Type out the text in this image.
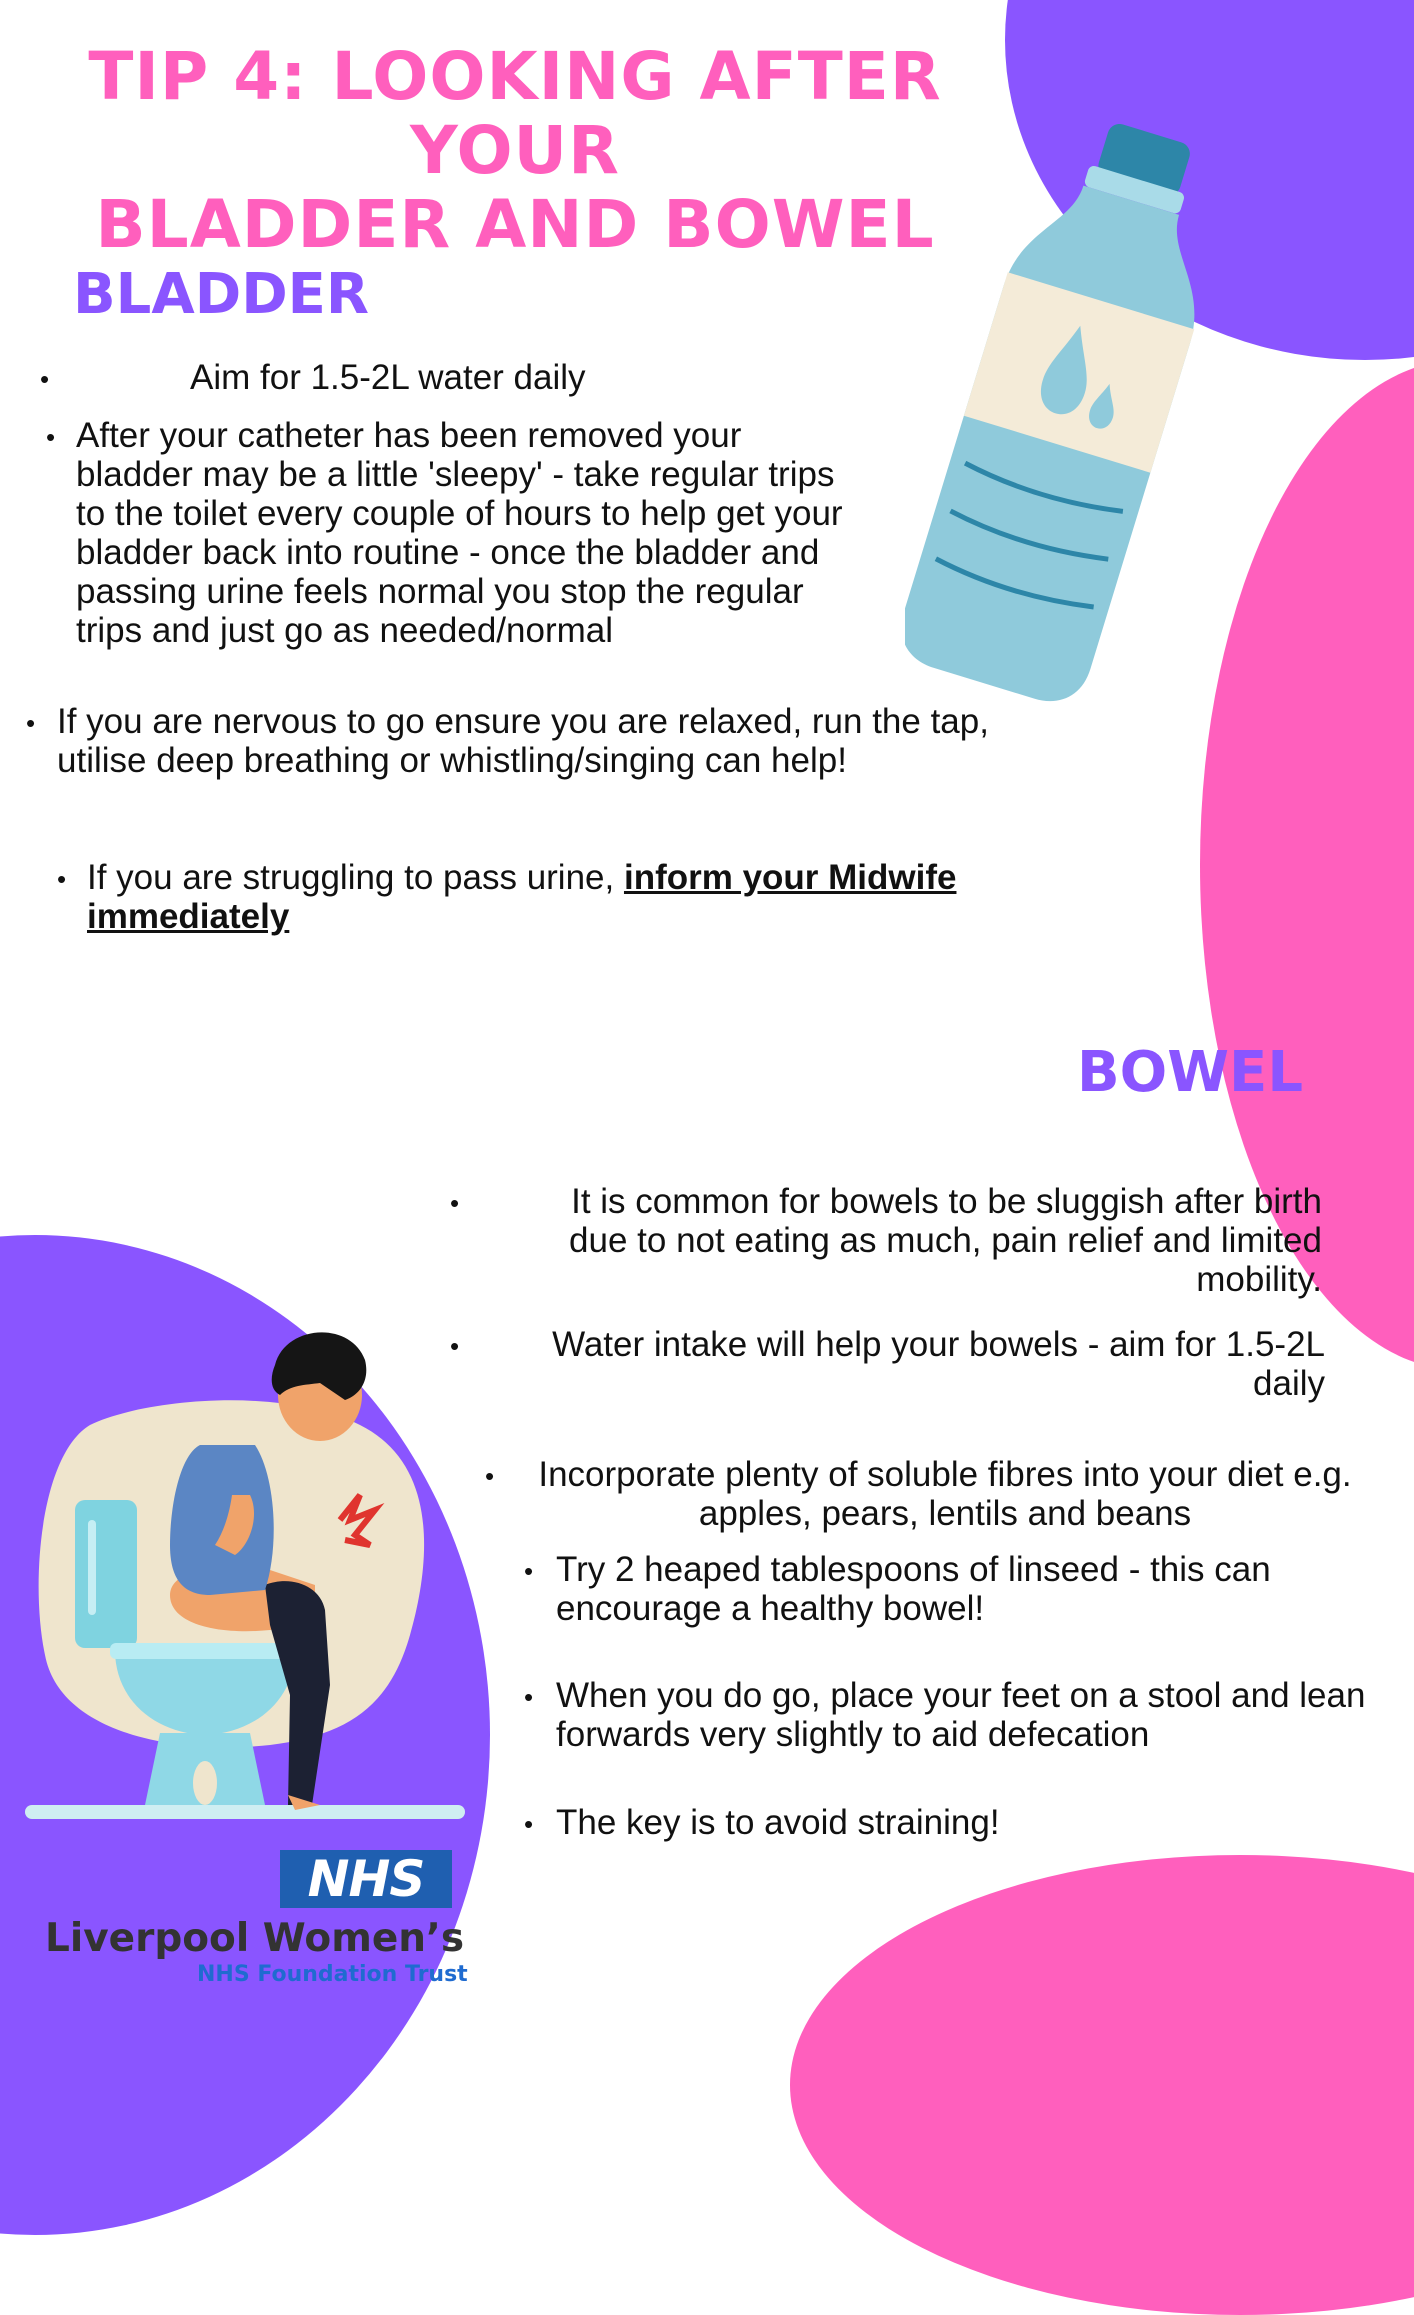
TIP 4: LOOKING AFTER YOUR
BLADDER AND BOWEL
BLADDER
•	Aim for 1.5-2L water daily
• After your catheter has been removed your bladder may be a little 'sleepy' - take regular trips to the toilet every couple of hours to help get your bladder back into routine - once the bladder and passing urine feels normal you stop the regular trips and just go as needed/normal
• If you are nervous to go ensure you are relaxed, run the tap, utilise deep breathing or whistling/singing can help!
• If you are struggling to pass urine, inform your Midwife immediately
BOWEL
•	It is common for bowels to be sluggish after birth due to not eating as much, pain relief and limited mobility.
•	Water intake will help your bowels - aim for 1.5-2L daily
•	Incorporate plenty of soluble fibres into your diet e.g. apples, pears, lentils and beans
• Try 2 heaped tablespoons of linseed - this can encourage a healthy bowel!
• When you do go, place your feet on a stool and lean forwards very slightly to aid defecation
• The key is to avoid straining!
NHS
Liverpool Women’s
NHS Foundation Trust
